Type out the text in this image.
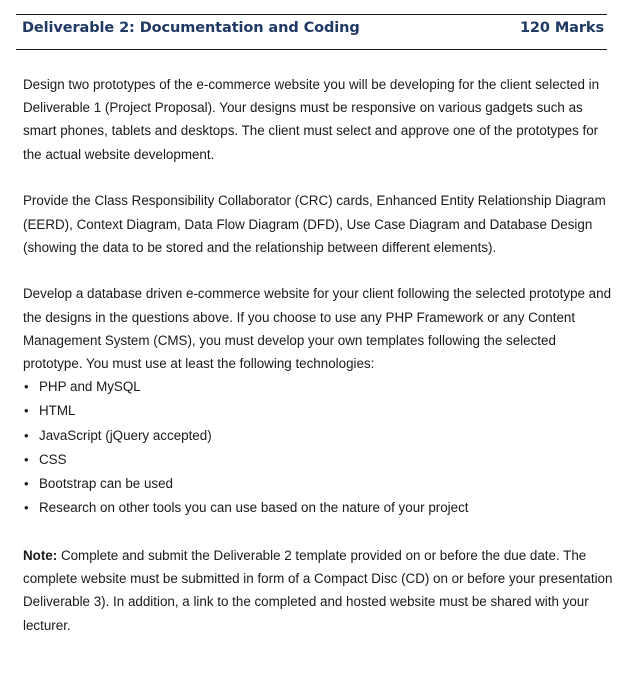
Deliverable 2: Documentation and Coding	120 Marks

Design two prototypes of the e-commerce website you will be developing for the client selected in Deliverable 1 (Project Proposal). Your designs must be responsive on various gadgets such as smart phones, tablets and desktops. The client must select and approve one of the prototypes for the actual website development.

Provide the Class Responsibility Collaborator (CRC) cards, Enhanced Entity Relationship Diagram (EERD), Context Diagram, Data Flow Diagram (DFD), Use Case Diagram and Database Design (showing the data to be stored and the relationship between different elements).

Develop a database driven e-commerce website for your client following the selected prototype and the designs in the questions above. If you choose to use any PHP Framework or any Content Management System (CMS), you must develop your own templates following the selected prototype. You must use at least the following technologies:

• PHP and MySQL
• HTML
• JavaScript (jQuery accepted)
• CSS
• Bootstrap can be used
• Research on other tools you can use based on the nature of your project

Note: Complete and submit the Deliverable 2 template provided on or before the due date. The complete website must be submitted in form of a Compact Disc (CD) on or before your presentation Deliverable 3). In addition, a link to the completed and hosted website must be shared with your lecturer.
